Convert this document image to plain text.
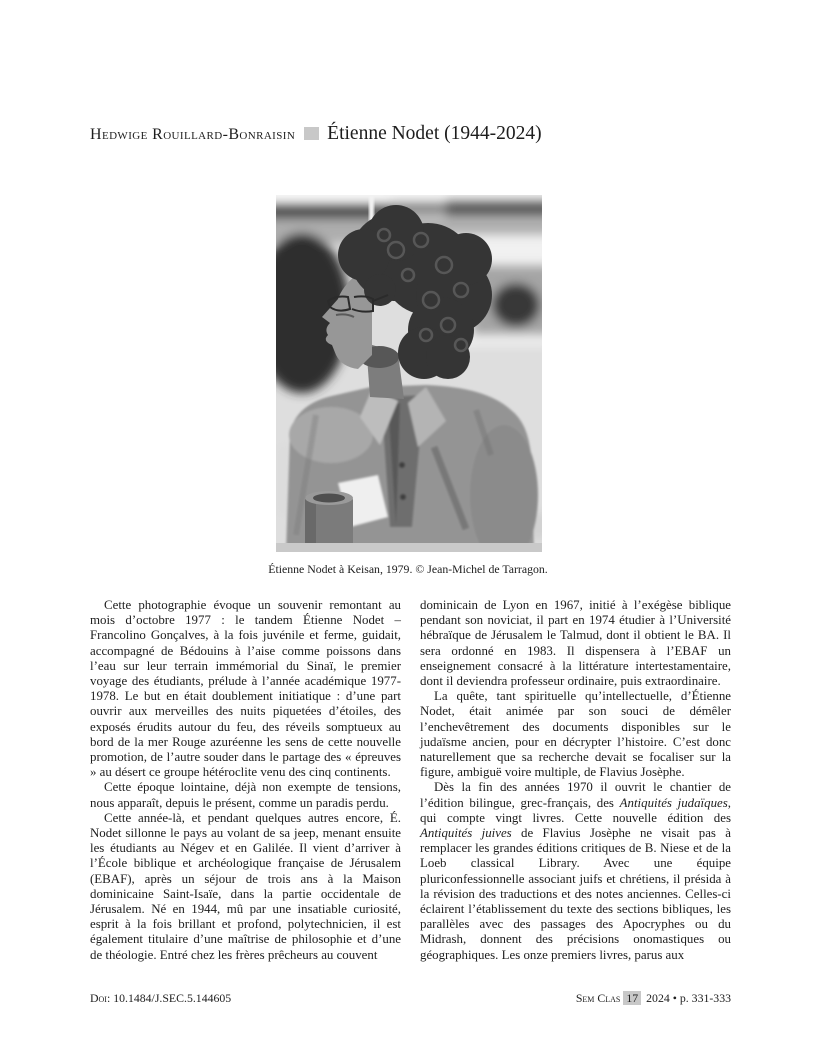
Hedwige Rouillard-Bonraisin Étienne Nodet (1944-2024)
Étienne Nodet à Keisan, 1979. © Jean-Michel de Tarragon.

Cette photographie évoque un souvenir remontant au mois d’octobre 1977 : le tandem Étienne Nodet – Francolino Gonçalves, à la fois juvénile et ferme, guidait, accompagné de Bédouins à l’aise comme poissons dans l’eau sur leur terrain immémorial du Sinaï, le premier voyage des étudiants, prélude à l’année académique 1977-1978. Le but en était doublement initiatique : d’une part ouvrir aux merveilles des nuits piquetées d’étoiles, des exposés érudits autour du feu, des réveils somptueux au bord de la mer Rouge azuréenne les sens de cette nouvelle promotion, de l’autre souder dans le partage des « épreuves » au désert ce groupe hétéroclite venu des cinq continents.

Cette époque lointaine, déjà non exempte de tensions, nous apparaît, depuis le présent, comme un paradis perdu.

Cette année-là, et pendant quelques autres encore, É. Nodet sillonne le pays au volant de sa jeep, menant ensuite les étudiants au Négev et en Galilée. Il vient d’arriver à l’École biblique et archéologique française de Jérusalem (EBAF), après un séjour de trois ans à la Maison dominicaine Saint-Isaïe, dans la partie occidentale de Jérusalem. Né en 1944, mû par une insatiable curiosité, esprit à la fois brillant et profond, polytechnicien, il est également titulaire d’une maîtrise de philosophie et d’une de théologie. Entré chez les frères prêcheurs au couvent

dominicain de Lyon en 1967, initié à l’exégèse biblique pendant son noviciat, il part en 1974 étudier à l’Université hébraïque de Jérusalem le Talmud, dont il obtient le BA. Il sera ordonné en 1983. Il dispensera à l’EBAF un enseignement consacré à la littérature intertestamentaire, dont il deviendra professeur ordinaire, puis extraordinaire.

La quête, tant spirituelle qu’intellectuelle, d’Étienne Nodet, était animée par son souci de démêler l’enchevêtrement des documents disponibles sur le judaïsme ancien, pour en décrypter l’histoire. C’est donc naturellement que sa recherche devait se focaliser sur la figure, ambiguë voire multiple, de Flavius Josèphe.

Dès la fin des années 1970 il ouvrit le chantier de l’édition bilingue, grec-français, des Antiquités judaïques, qui compte vingt livres. Cette nouvelle édition des Antiquités juives de Flavius Josèphe ne visait pas à remplacer les grandes éditions critiques de B. Niese et de la Loeb classical Library. Avec une équipe pluriconfessionnelle associant juifs et chrétiens, il présida à la révision des traductions et des notes anciennes. Celles-ci éclairent l’établissement du texte des sections bibliques, les parallèles avec des passages des Apocryphes ou du Midrash, donnent des précisions onomastiques ou géographiques. Les onze premiers livres, parus aux

Doi: 10.1484/J.SEC.5.144605	Sem Clas 17 2024 • p. 331-333
